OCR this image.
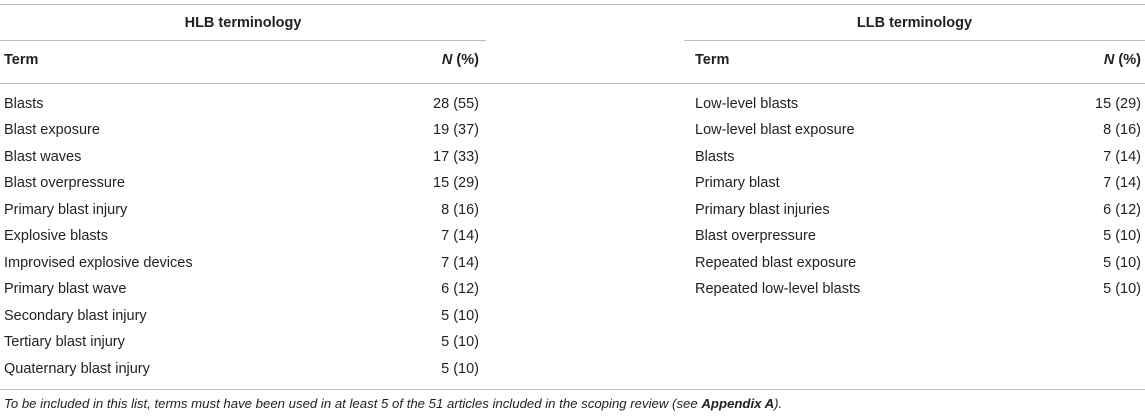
HLB terminology	LLB terminology
Term	N (%)	Term	N (%)
Blasts	28 (55)	Low-level blasts	15 (29)
Blast exposure	19 (37)	Low-level blast exposure	8 (16)
Blast waves	17 (33)	Blasts	7 (14)
Blast overpressure	15 (29)	Primary blast	7 (14)
Primary blast injury	8 (16)	Primary blast injuries	6 (12)
Explosive blasts	7 (14)	Blast overpressure	5 (10)
Improvised explosive devices	7 (14)	Repeated blast exposure	5 (10)
Primary blast wave	6 (12)	Repeated low-level blasts	5 (10)
Secondary blast injury	5 (10)
Tertiary blast injury	5 (10)
Quaternary blast injury	5 (10)
To be included in this list, terms must have been used in at least 5 of the 51 articles included in the scoping review (see Appendix A).
